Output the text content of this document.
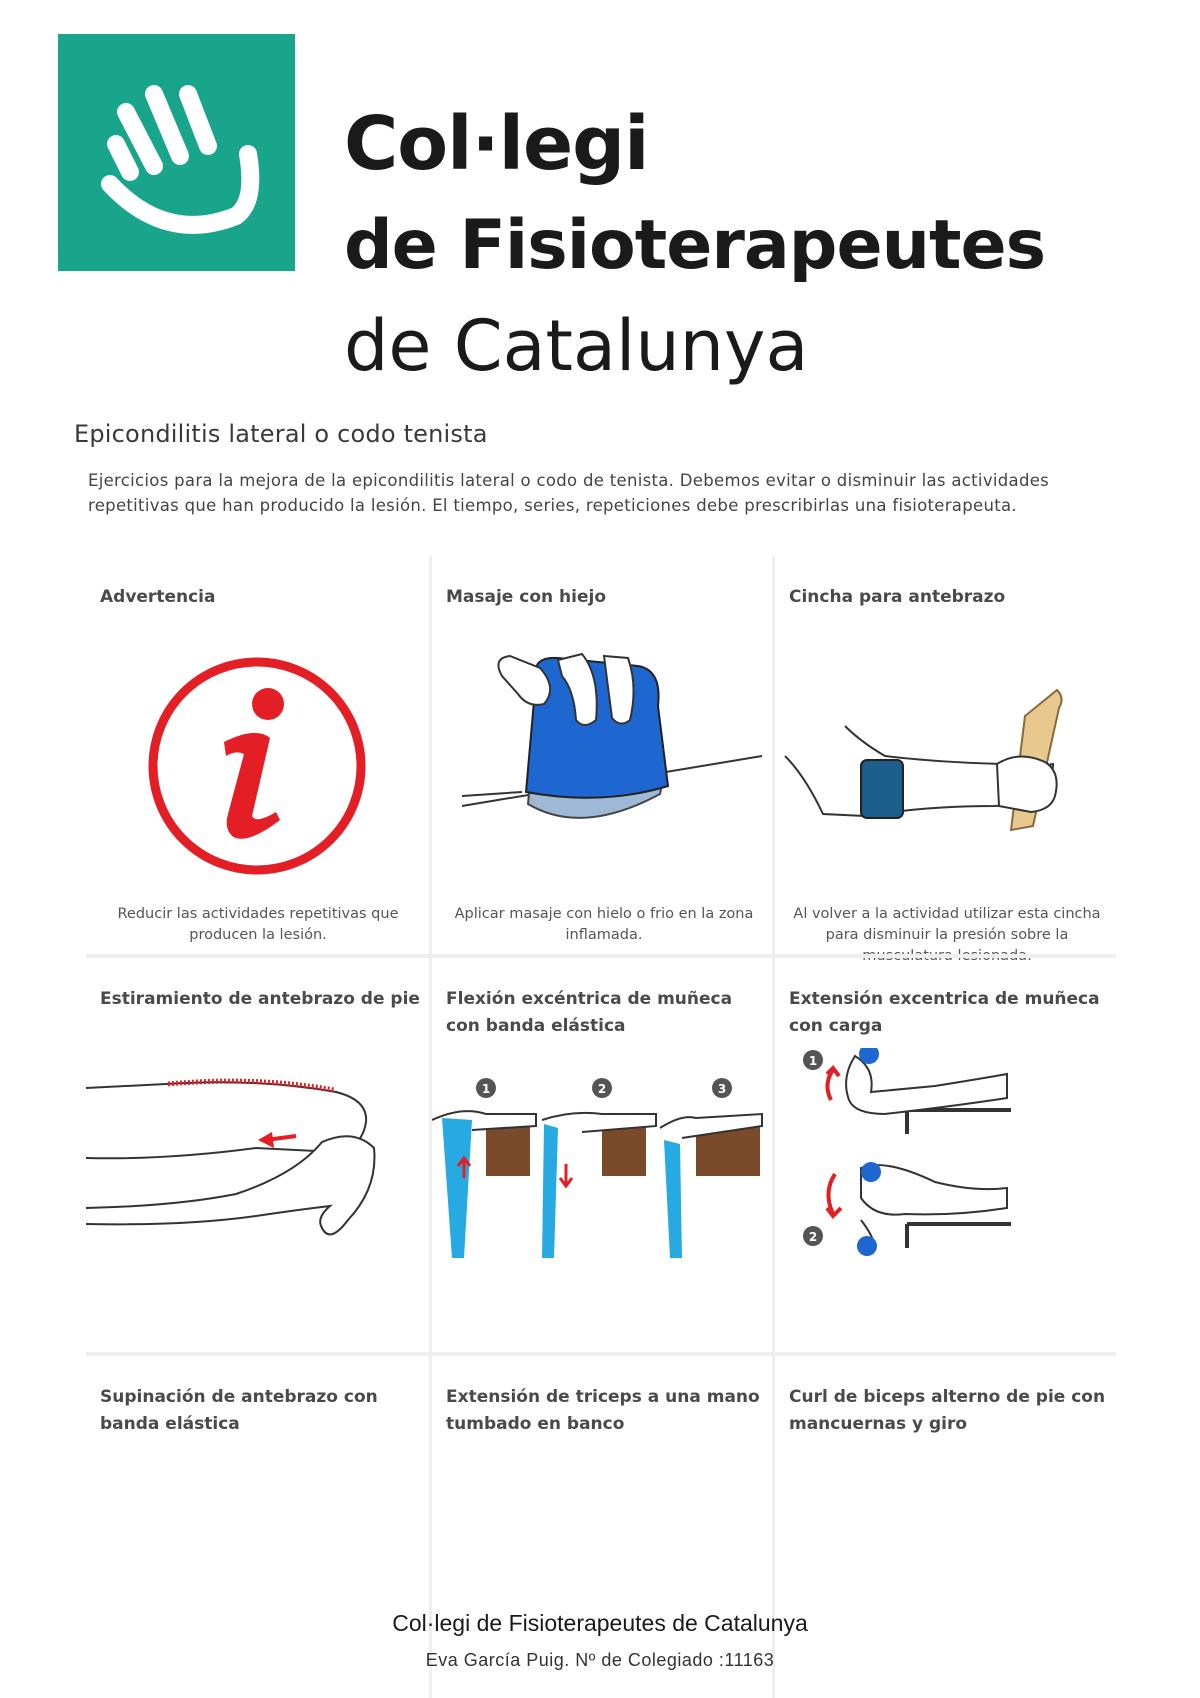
Col·legi
de Fisioterapeutes
de Catalunya
Epicondilitis lateral o codo tenista
Ejercicios para la mejora de la epicondilitis lateral o codo de tenista. Debemos evitar o disminuir las actividades repetitivas que han producido la lesión. El tiempo, series, repeticiones debe prescribirlas una fisioterapeuta.
Advertencia
Reducir las actividades repetitivas que producen la lesión.
Masaje con hiejo
Aplicar masaje con hielo o frio en la zona inflamada.
Cincha para antebrazo
Al volver a la actividad utilizar esta cincha para disminuir la presión sobre la musculatura lesionada.
Estiramiento de antebrazo de pie Flexión excéntrica de muñeca con banda elástica
1	2	3
Extensión excentrica de muñeca con carga
1
2
Supinación de antebrazo con banda elástica
Extensión de triceps a una mano tumbado en banco
Curl de biceps alterno de pie con mancuernas y giro
Col·legi de Fisioterapeutes de Catalunya
Eva García Puig. Nº de Colegiado :11163
